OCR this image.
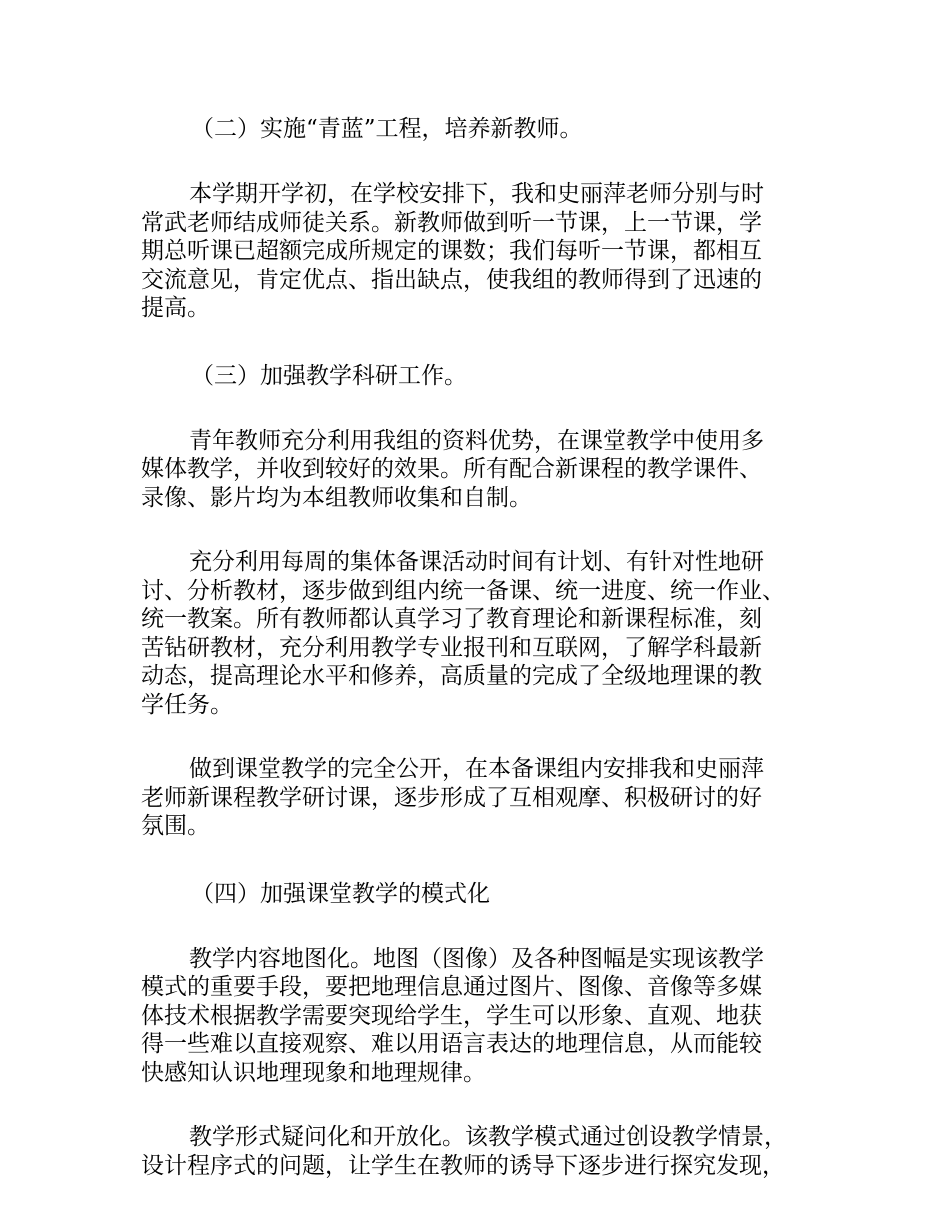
（二）实施“青蓝”工程，培养新教师。

本学期开学初，在学校安排下，我和史丽萍老师分别与时
常武老师结成师徒关系。新教师做到听一节课，上一节课，学
期总听课已超额完成所规定的课数；我们每听一节课，都相互
交流意见，肯定优点、指出缺点，使我组的教师得到了迅速的
提高。

（三）加强教学科研工作。

青年教师充分利用我组的资料优势，在课堂教学中使用多
媒体教学，并收到较好的效果。所有配合新课程的教学课件、
录像、影片均为本组教师收集和自制。
充分利用每周的集体备课活动时间有计划、有针对性地研
讨、分析教材，逐步做到组内统一备课、统一进度、统一作业、
统一教案。所有教师都认真学习了教育理论和新课程标准，刻
苦钻研教材，充分利用教学专业报刊和互联网，了解学科最新
动态，提高理论水平和修养，高质量的完成了全级地理课的教
学任务。
做到课堂教学的完全公开，在本备课组内安排我和史丽萍
老师新课程教学研讨课，逐步形成了互相观摩、积极研讨的好
氛围。

（四）加强课堂教学的模式化

教学内容地图化。地图（图像）及各种图幅是实现该教学
模式的重要手段，要把地理信息通过图片、图像、音像等多媒
体技术根据教学需要突现给学生，学生可以形象、直观、地获
得一些难以直接观察、难以用语言表达的地理信息，从而能较
快感知认识地理现象和地理规律。
教学形式疑问化和开放化。该教学模式通过创设教学情景，
设计程序式的问题，让学生在教师的诱导下逐步进行探究发现，
